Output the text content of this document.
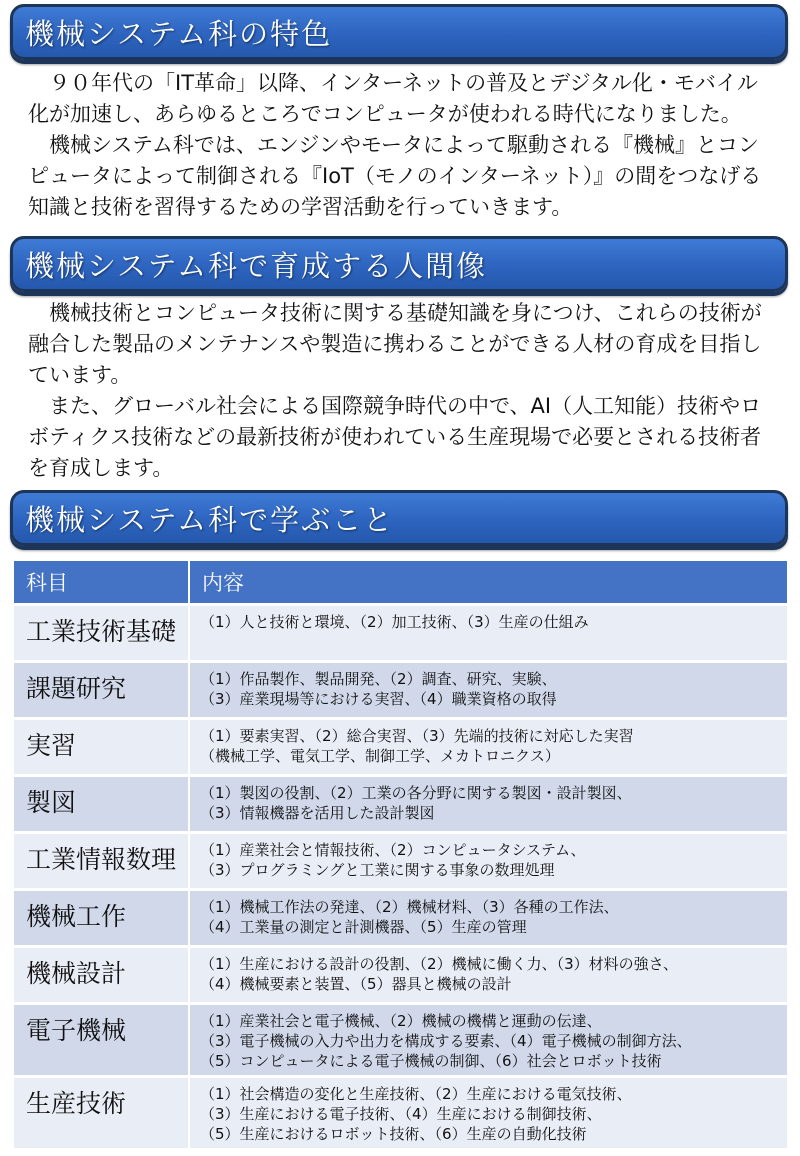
機械システム科の特色

９０年代の「IT革命」以降、インターネットの普及とデジタル化・モバイル化が加速し、あらゆるところでコンピュータが使われる時代になりました。

機械システム科では、エンジンやモータによって駆動される『機械』とコンピュータによって制御される『IoT（モノのインターネット）』の間をつなげる知識と技術を習得するための学習活動を行っていきます。

機械システム科で育成する人間像

機械技術とコンピュータ技術に関する基礎知識を身につけ、これらの技術が融合した製品のメンテナンスや製造に携わることができる人材の育成を目指しています。

また、グローバル社会による国際競争時代の中で、AI（人工知能）技術やロボティクス技術などの最新技術が使われている生産現場で必要とされる技術者を育成します。

機械システム科で学ぶこと
科目	内容
工業技術基礎	（1）人と技術と環境、（2）加工技術、（3）生産の仕組み

課題研究	（1）作品製作、製品開発、（2）調査、研究、実験、
（3）産業現場等における実習、（4）職業資格の取得

実習	（1）要素実習、（2）総合実習、（3）先端的技術に対応した実習
（機械工学、電気工学、制御工学、メカトロニクス）

製図	（1）製図の役割、（2）工業の各分野に関する製図・設計製図、
（3）情報機器を活用した設計製図

工業情報数理	（1）産業社会と情報技術、（2）コンピュータシステム、
（3）プログラミングと工業に関する事象の数理処理

機械工作	（1）機械工作法の発達、（2）機械材料、（3）各種の工作法、
（4）工業量の測定と計測機器、（5）生産の管理

機械設計	（1）生産における設計の役割、（2）機械に働く力、（3）材料の強さ、
（4）機械要素と装置、（5）器具と機械の設計

電子機械	（1）産業社会と電子機械、（2）機械の機構と運動の伝達、
（3）電子機械の入力や出力を構成する要素、（4）電子機械の制御方法、
（5）コンピュータによる電子機械の制御、（6）社会とロボット技術

生産技術	（1）社会構造の変化と生産技術、（2）生産における電気技術、
（3）生産における電子技術、（4）生産における制御技術、
（5）生産におけるロボット技術、（6）生産の自動化技術
